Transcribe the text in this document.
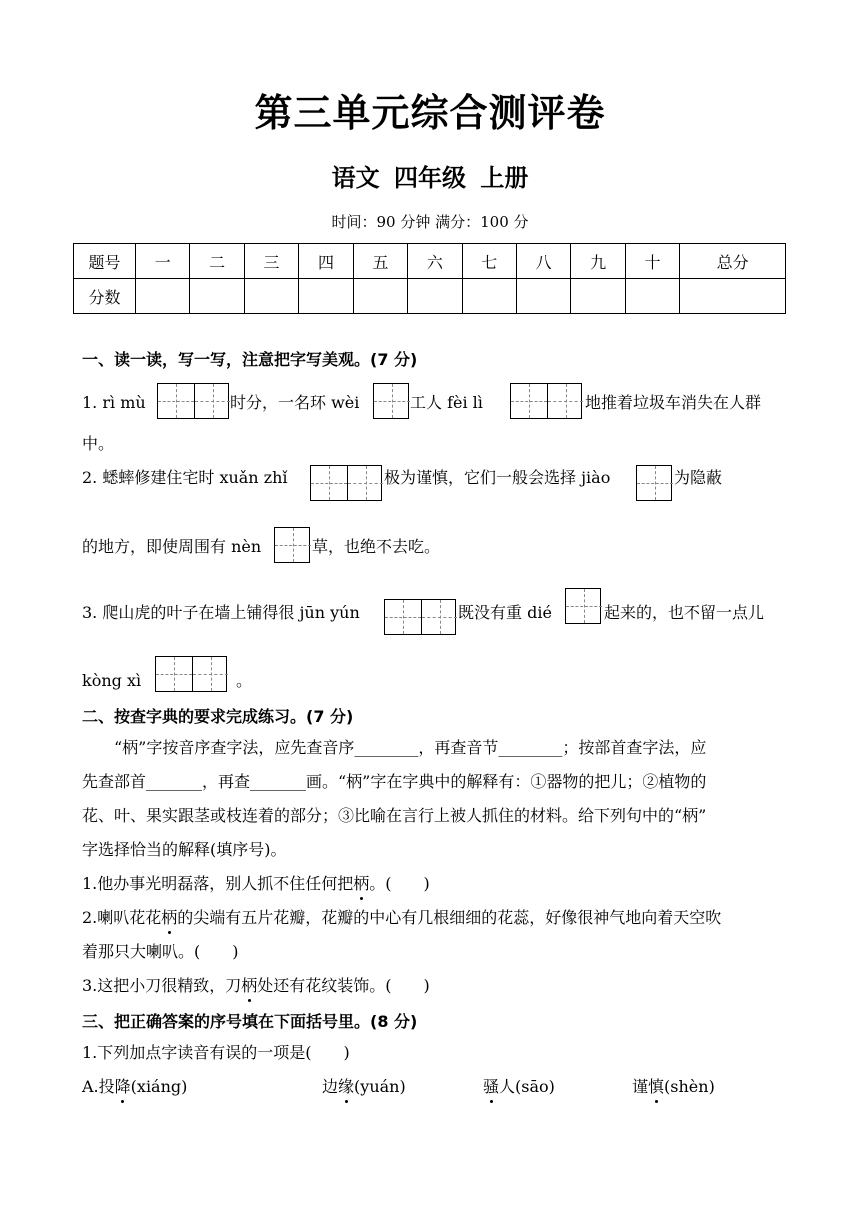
第三单元综合测评卷
语文 四年级 上册
时间：90 分钟 满分：100 分
题号	一	二	三	四	五	六	七	八	九	十	总分
分数											
一、读一读，写一写，注意把字写美观。(7 分)
1. rì mù	时分，一名环 wèi	工人 fèi lì	地推着垃圾车消失在人群
中。
2. 蟋蟀修建住宅时 xuǎn zhǐ	极为谨慎，它们一般会选择 jiào	为隐蔽
的地方，即使周围有 nèn	草，也绝不去吃。
3. 爬山虎的叶子在墙上铺得很 jūn yún	既没有重 dié	起来的，也不留一点儿
kòng xì	。
二、按查字典的要求完成练习。(7 分)
“柄”字按音序查字法，应先查音序________，再查音节________；按部首查字法，应
先查部首_______，再查_______画。“柄”字在字典中的解释有：①器物的把儿；②植物的
花、叶、果实跟茎或枝连着的部分；③比喻在言行上被人抓住的材料。给下列句中的“柄”
字选择恰当的解释(填序号)。
1.他办事光明磊落，别人抓不住任何把柄。(　　)
2.喇叭花花柄的尖端有五片花瓣，花瓣的中心有几根细细的花蕊，好像很神气地向着天空吹
着那只大喇叭。(　　)
3.这把小刀很精致，刀柄处还有花纹装饰。(　　)
三、把正确答案的序号填在下面括号里。(8 分)
1.下列加点字读音有误的一项是(　　)
A.投降(xiáng)	边缘(yuán)	骚人(sāo)	谨慎(shèn)
